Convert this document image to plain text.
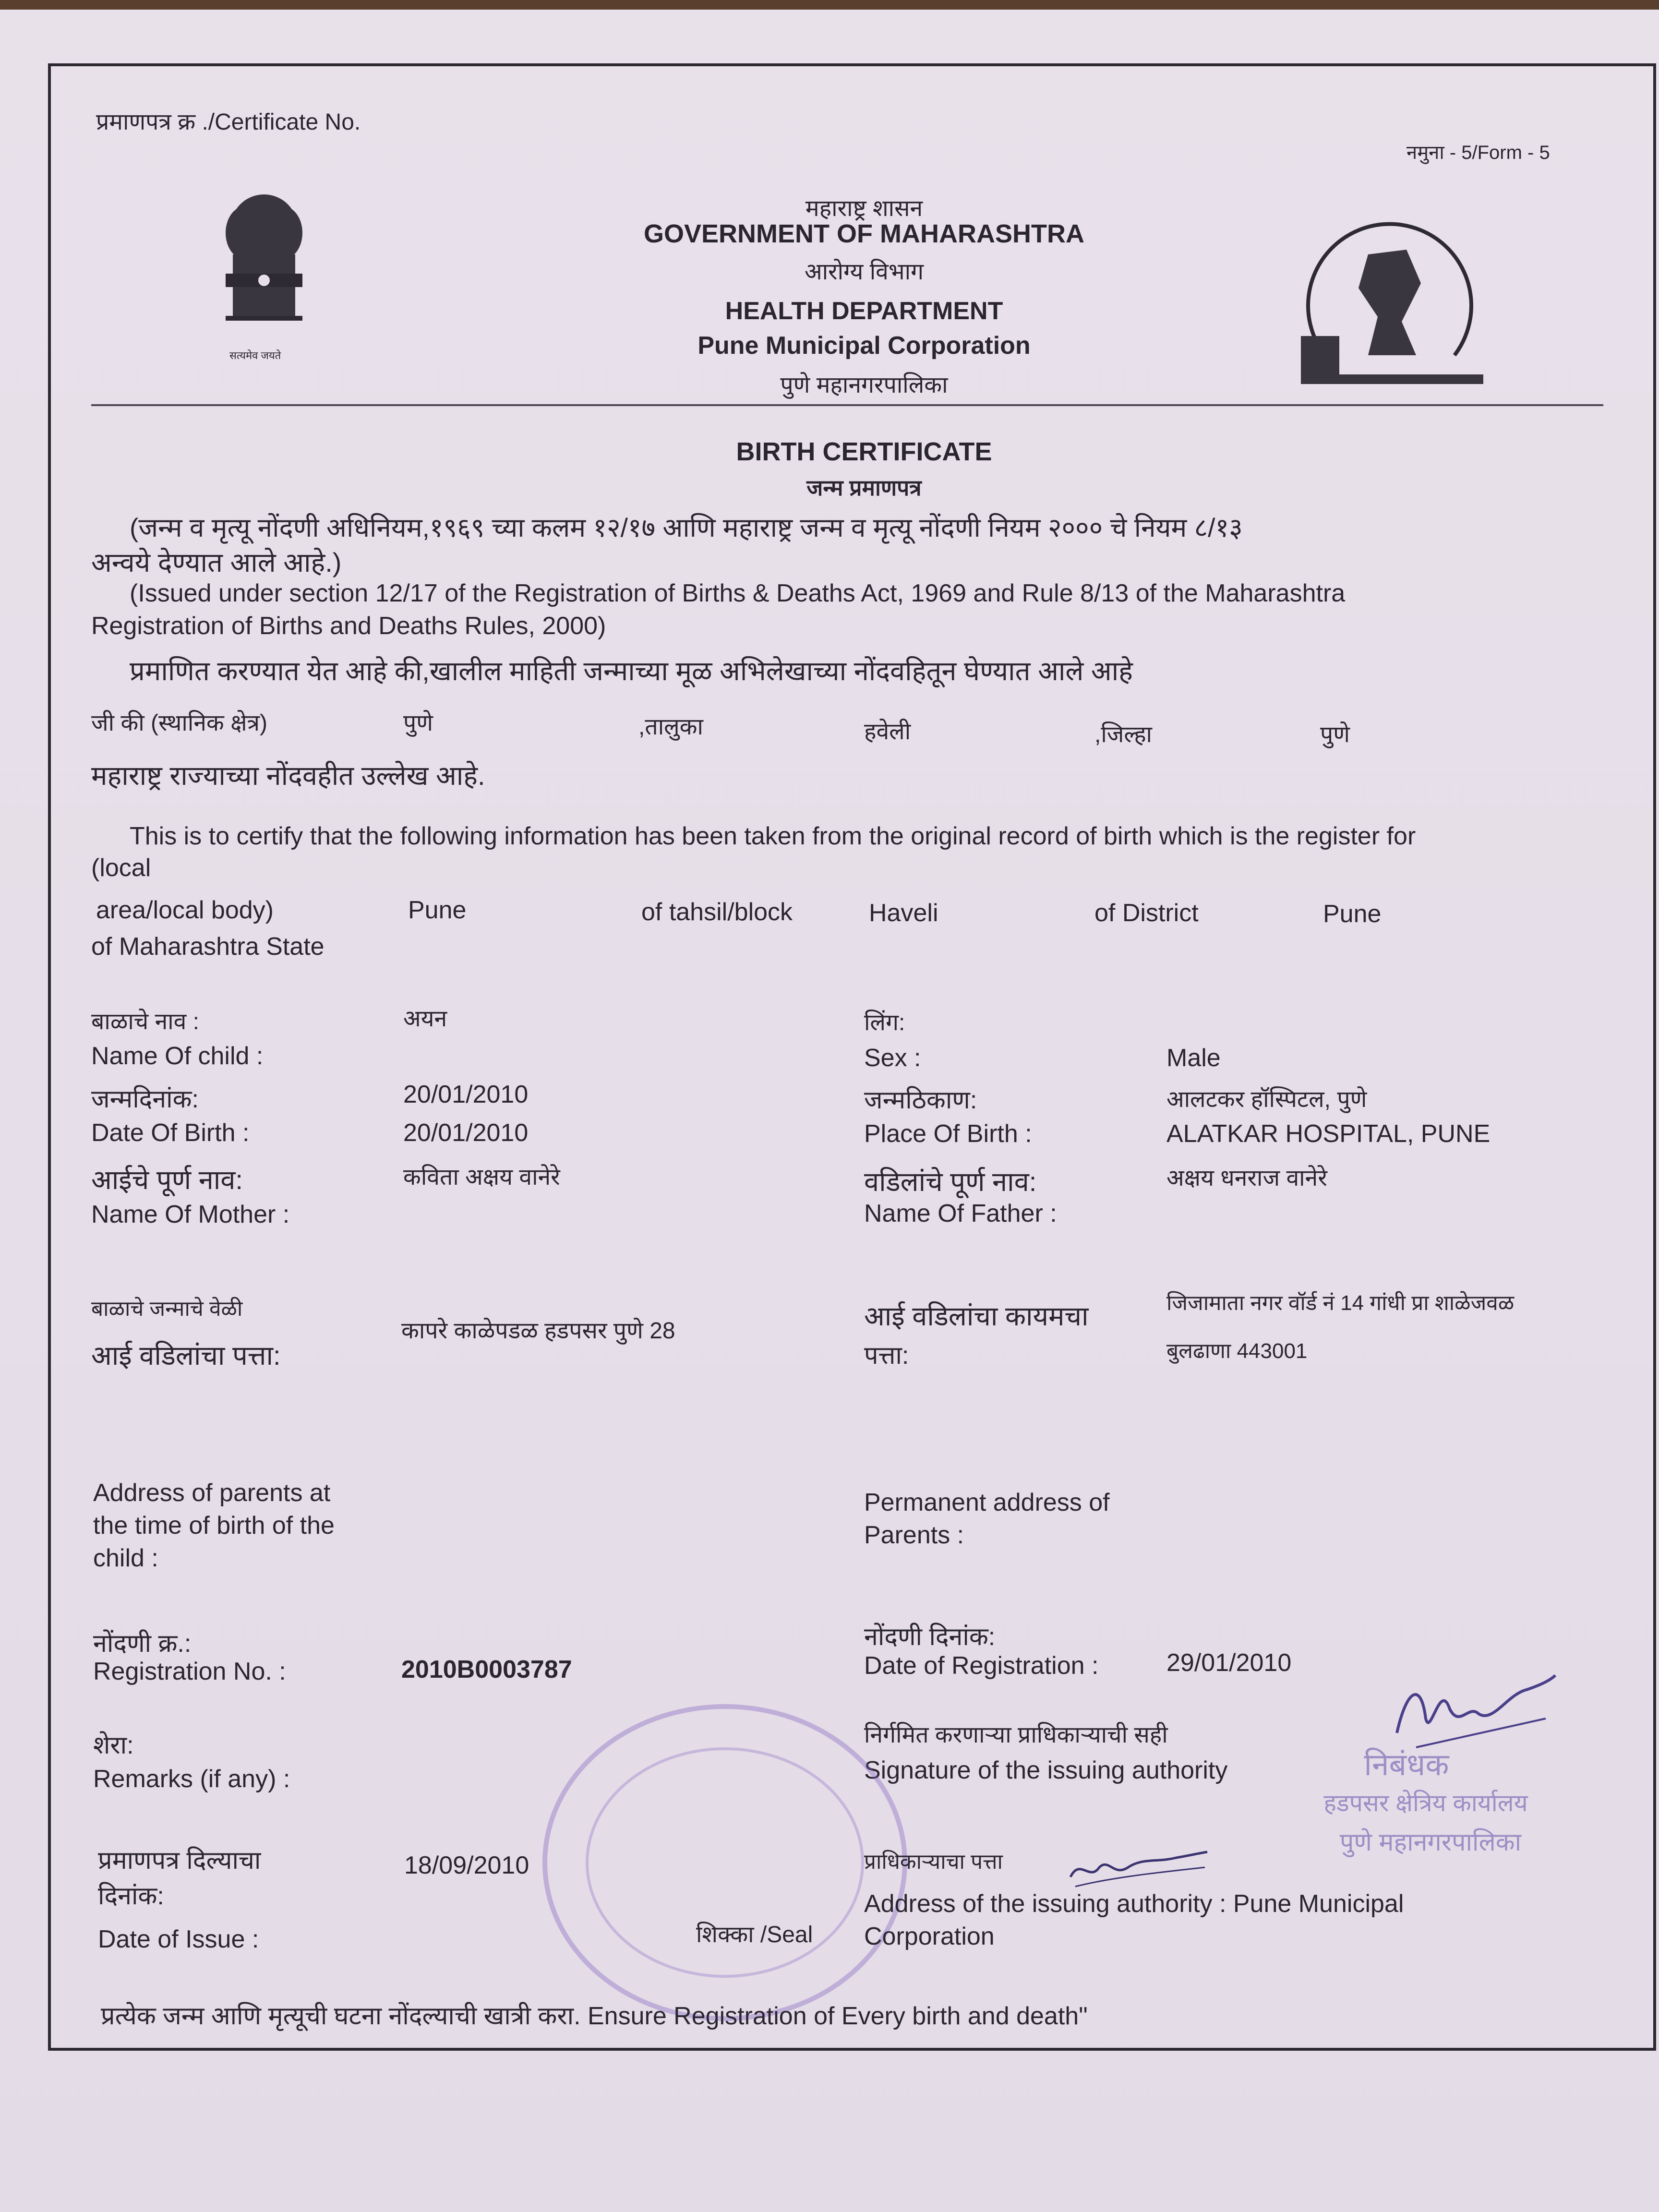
प्रमाणपत्र क्र ./Certificate No.
नमुना - 5/Form - 5
सत्यमेव जयते
महाराष्ट्र शासन
GOVERNMENT OF MAHARASHTRA
आरोग्य विभाग
HEALTH DEPARTMENT
Pune Municipal Corporation
पुणे महानगरपालिका
BIRTH CERTIFICATE
जन्म प्रमाणपत्र
(जन्म व मृत्यू नोंदणी अधिनियम,१९६९ च्या कलम १२/१७ आणि महाराष्ट्र जन्म व मृत्यू नोंदणी नियम २००० चे नियम ८/१३
अन्वये देण्यात आले आहे.)
(Issued under section 12/17 of the Registration of Births & Deaths Act, 1969 and Rule 8/13 of the Maharashtra
Registration of Births and Deaths Rules, 2000)
प्रमाणित करण्यात येत आहे की,खालील माहिती जन्माच्या मूळ अभिलेखाच्या नोंदवहितून घेण्यात आले आहे
जी की (स्थानिक क्षेत्र)	पुणे	,तालुका	हवेली	,जिल्हा	पुणे
महाराष्ट्र राज्याच्या नोंदवहीत उल्लेख आहे.
This is to certify that the following information has been taken from the original record of birth which is the register for
(local
area/local body)	Pune	of tahsil/block	Haveli	of District	Pune
of Maharashtra State
बाळाचे नाव :	अयन
Name Of child :
लिंग:
Sex :	Male
जन्मदिनांक:	20/01/2010
Date Of Birth :	20/01/2010
जन्मठिकाण:	आलटकर हॉस्पिटल, पुणे
Place Of Birth :	ALATKAR HOSPITAL, PUNE
आईचे पूर्ण नाव:	कविता अक्षय वानेरे
Name Of Mother :
वडिलांचे पूर्ण नाव:	अक्षय धनराज वानेरे
Name Of Father :
बाळाचे जन्माचे वेळी
आई वडिलांचा पत्ता:
कापरे काळेपडळ हडपसर पुणे 28	आई वडिलांचा कायमचा
पत्ता:
जिजामाता नगर वॉर्ड नं 14 गांधी प्रा शाळेजवळ
बुलढाणा 443001
Address of parents at
the time of birth of the
child :
Permanent address of
Parents :
नोंदणी क्र.:
Registration No. :	2010B0003787
नोंदणी दिनांक:
Date of Registration :	29/01/2010
शेरा:
Remarks (if any) :
निर्गमित करणाऱ्या प्राधिकाऱ्याची सही
Signature of the issuing authority
प्रमाणपत्र दिल्याचा
दिनांक:
Date of Issue :
18/09/2010
शिक्का /Seal
प्राधिकाऱ्याचा पत्ता
Address of the issuing authority : Pune Municipal
Corporation
निबंधक
हडपसर क्षेत्रिय कार्यालय
पुणे महानगरपालिका
प्रत्येक जन्म आणि मृत्यूची घटना नोंदल्याची खात्री करा. Ensure Registration of Every birth and death"
